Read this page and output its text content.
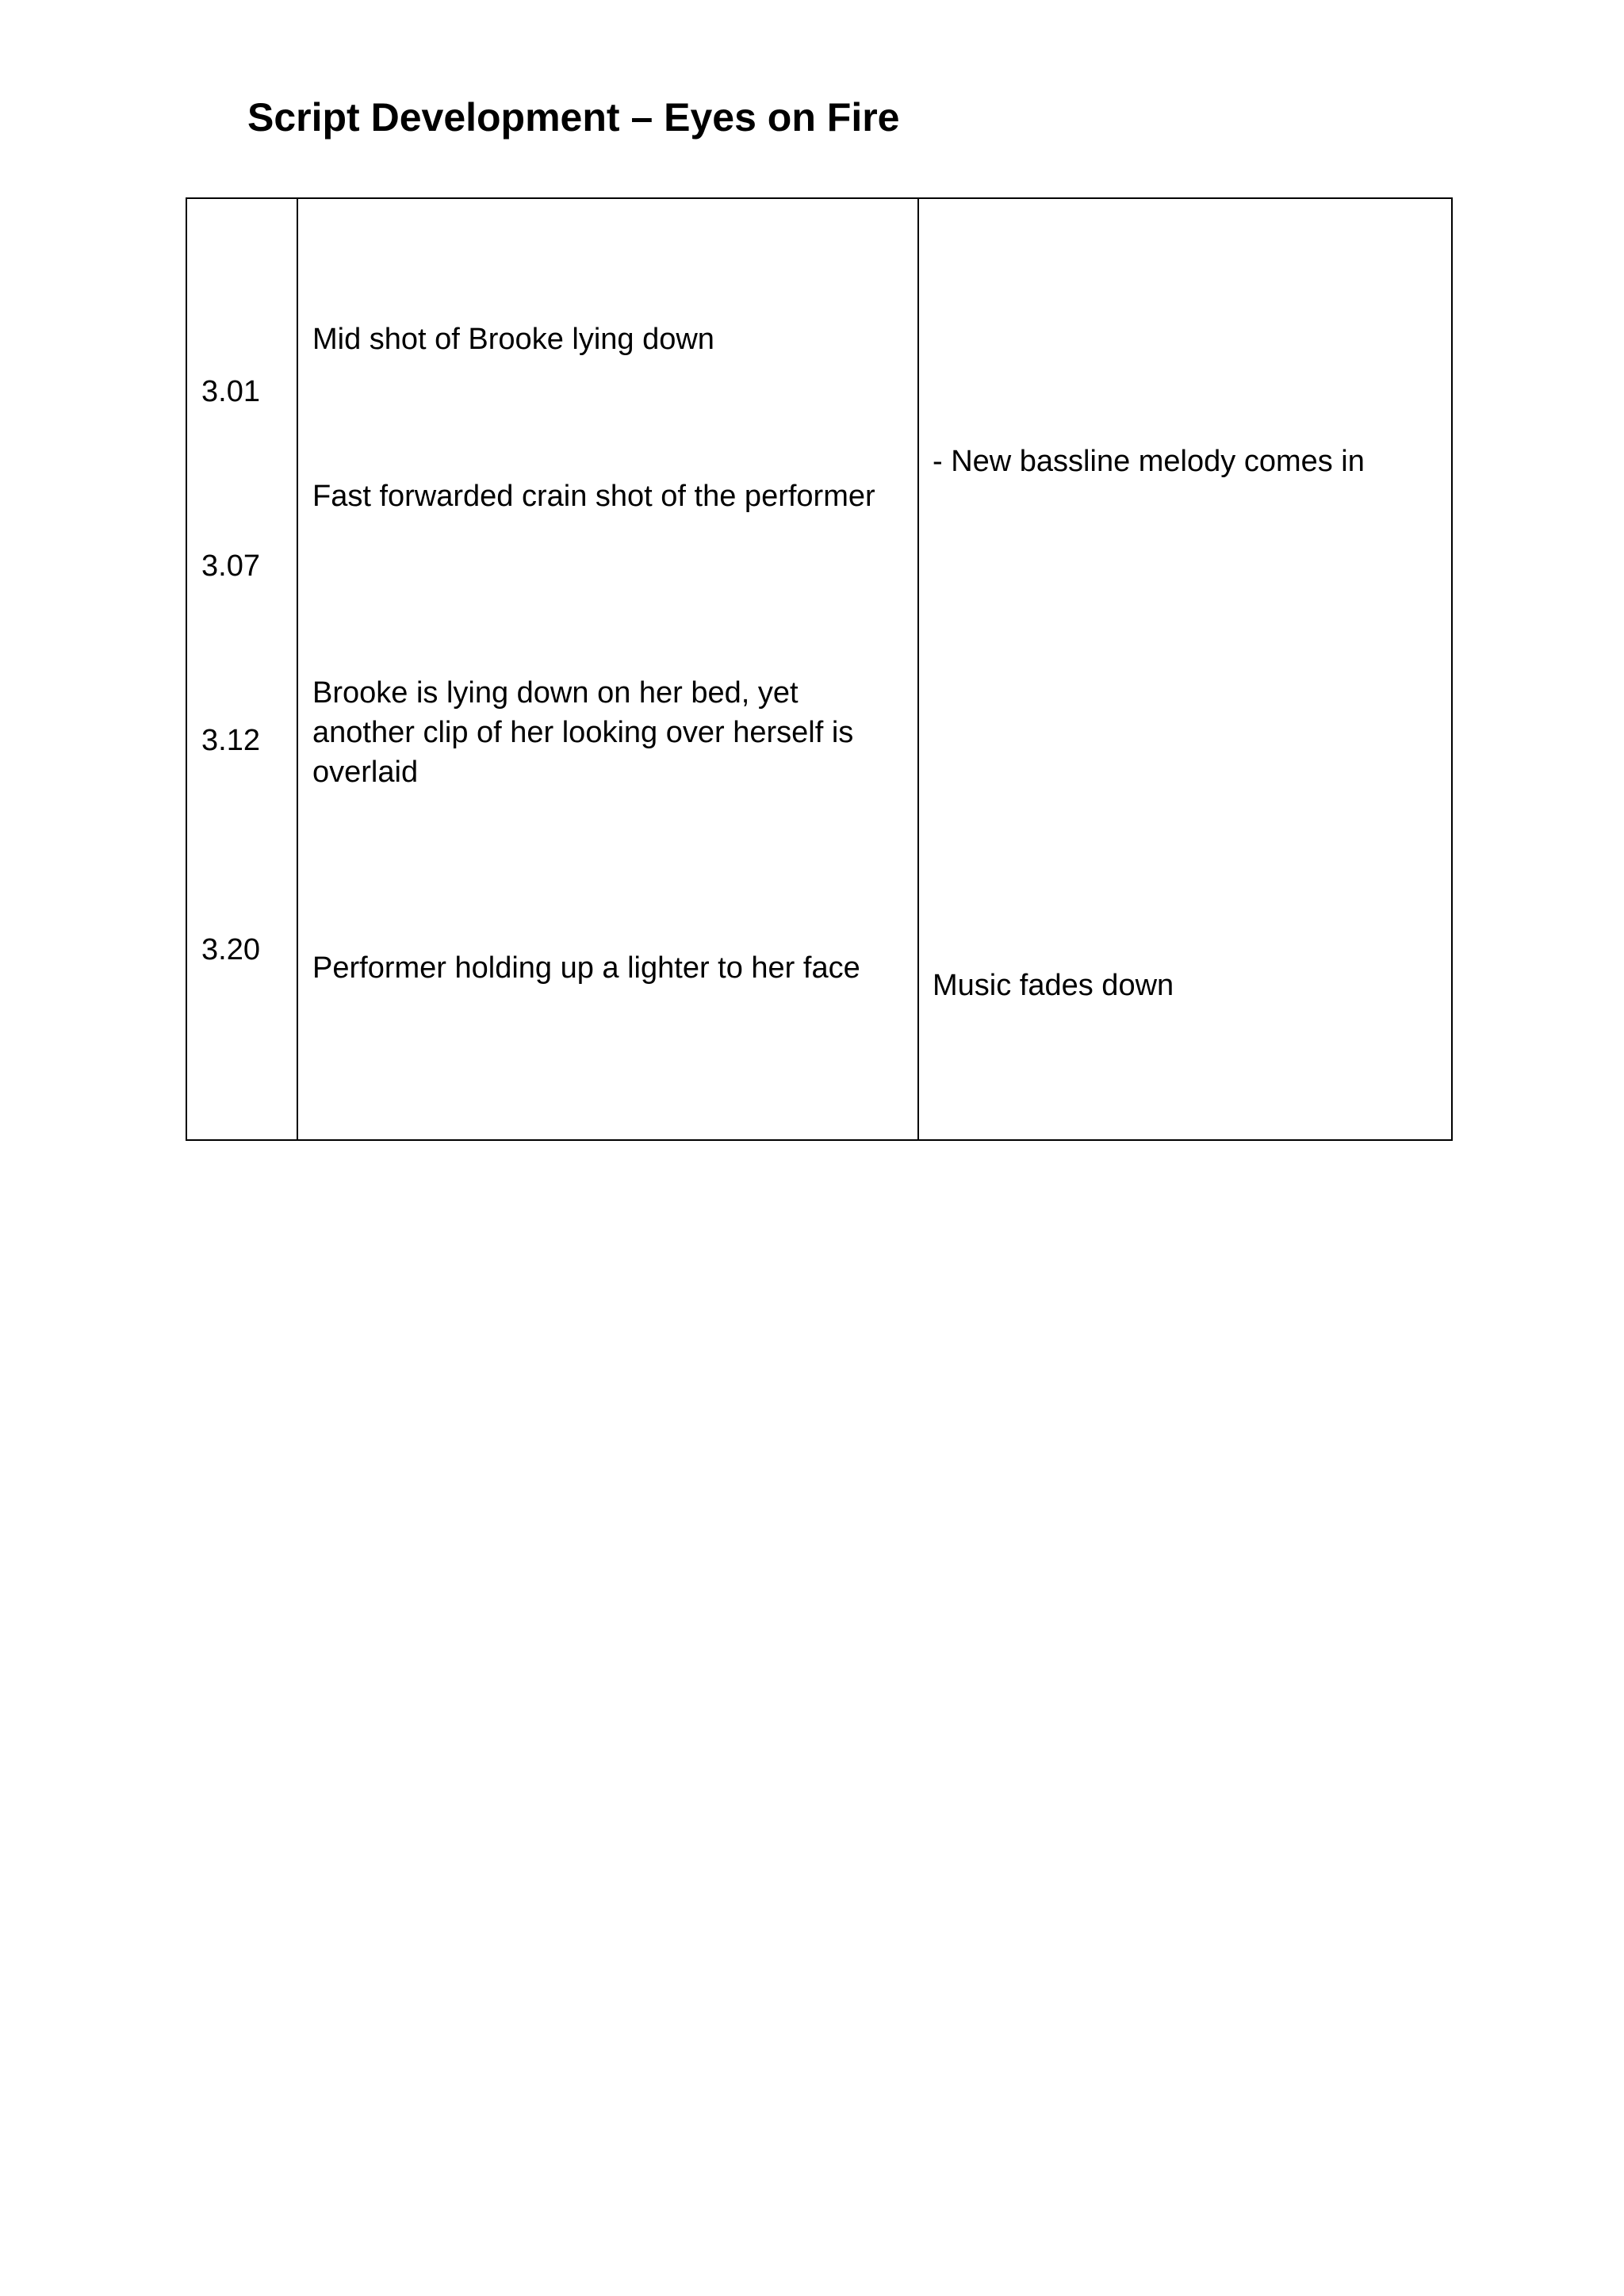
Script Development – Eyes on Fire

3.01

3.07

3.12

3.20

Mid shot of Brooke lying down

Fast forwarded crain shot of the performer

Brooke is lying down on her bed, yet another clip of her looking over herself is overlaid

Performer holding up a lighter to her face

- New bassline melody comes in

Music fades down
